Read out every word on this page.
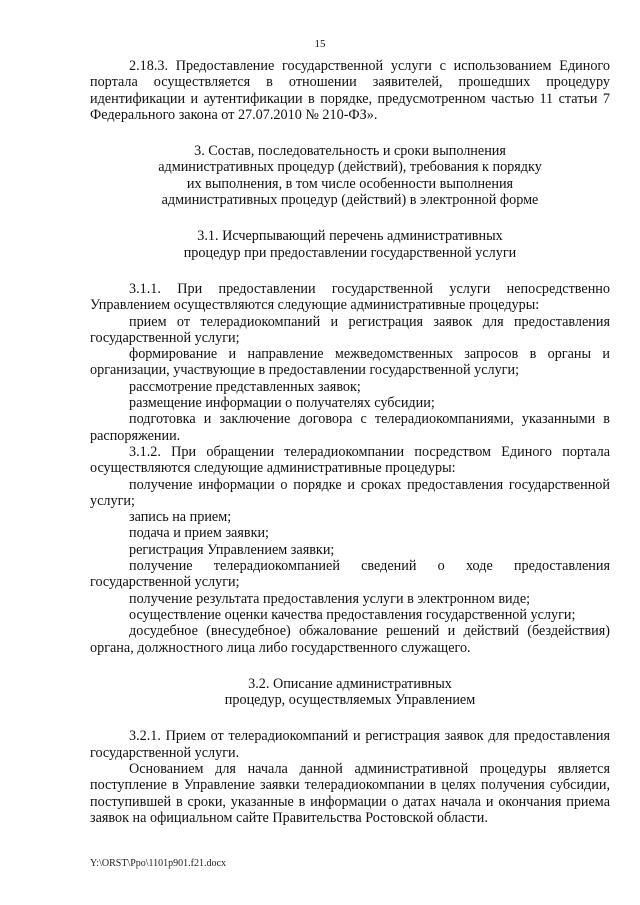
15

2.18.3. Предоставление государственной услуги с использованием Единого портала осуществляется в отношении заявителей, прошедших процедуру идентификации и аутентификации в порядке, предусмотренном частью 11 статьи 7 Федерального закона от 27.07.2010 № 210-ФЗ».

3. Состав, последовательность и сроки выполнения

административных процедур (действий), требования к порядку

их выполнения, в том числе особенности выполнения

административных процедур (действий) в электронной форме

3.1. Исчерпывающий перечень административных

процедур при предоставлении государственной услуги

3.1.1. При предоставлении государственной услуги непосредственно Управлением осуществляются следующие административные процедуры:

прием от телерадиокомпаний и регистрация заявок для предоставления государственной услуги;

формирование и направление межведомственных запросов в органы и организации, участвующие в предоставлении государственной услуги;

рассмотрение представленных заявок;

размещение информации о получателях субсидии;

подготовка и заключение договора с телерадиокомпаниями, указанными в распоряжении.

3.1.2. При обращении телерадиокомпании посредством Единого портала осуществляются следующие административные процедуры:

получение информации о порядке и сроках предоставления государственной услуги;

запись на прием;

подача и прием заявки;

регистрация Управлением заявки;

получение телерадиокомпанией сведений о ходе предоставления государственной услуги;

получение результата предоставления услуги в электронном виде;

осуществление оценки качества предоставления государственной услуги;

досудебное (внесудебное) обжалование решений и действий (бездействия) органа, должностного лица либо государственного служащего.

3.2. Описание административных

процедур, осуществляемых Управлением

3.2.1. Прием от телерадиокомпаний и регистрация заявок для предоставления государственной услуги.

Основанием для начала данной административной процедуры является поступление в Управление заявки телерадиокомпании в целях получения субсидии, поступившей в сроки, указанные в информации о датах начала и окончания приема заявок на официальном сайте Правительства Ростовской области.

Y:\ORST\Ppo\1101p901.f21.docx
